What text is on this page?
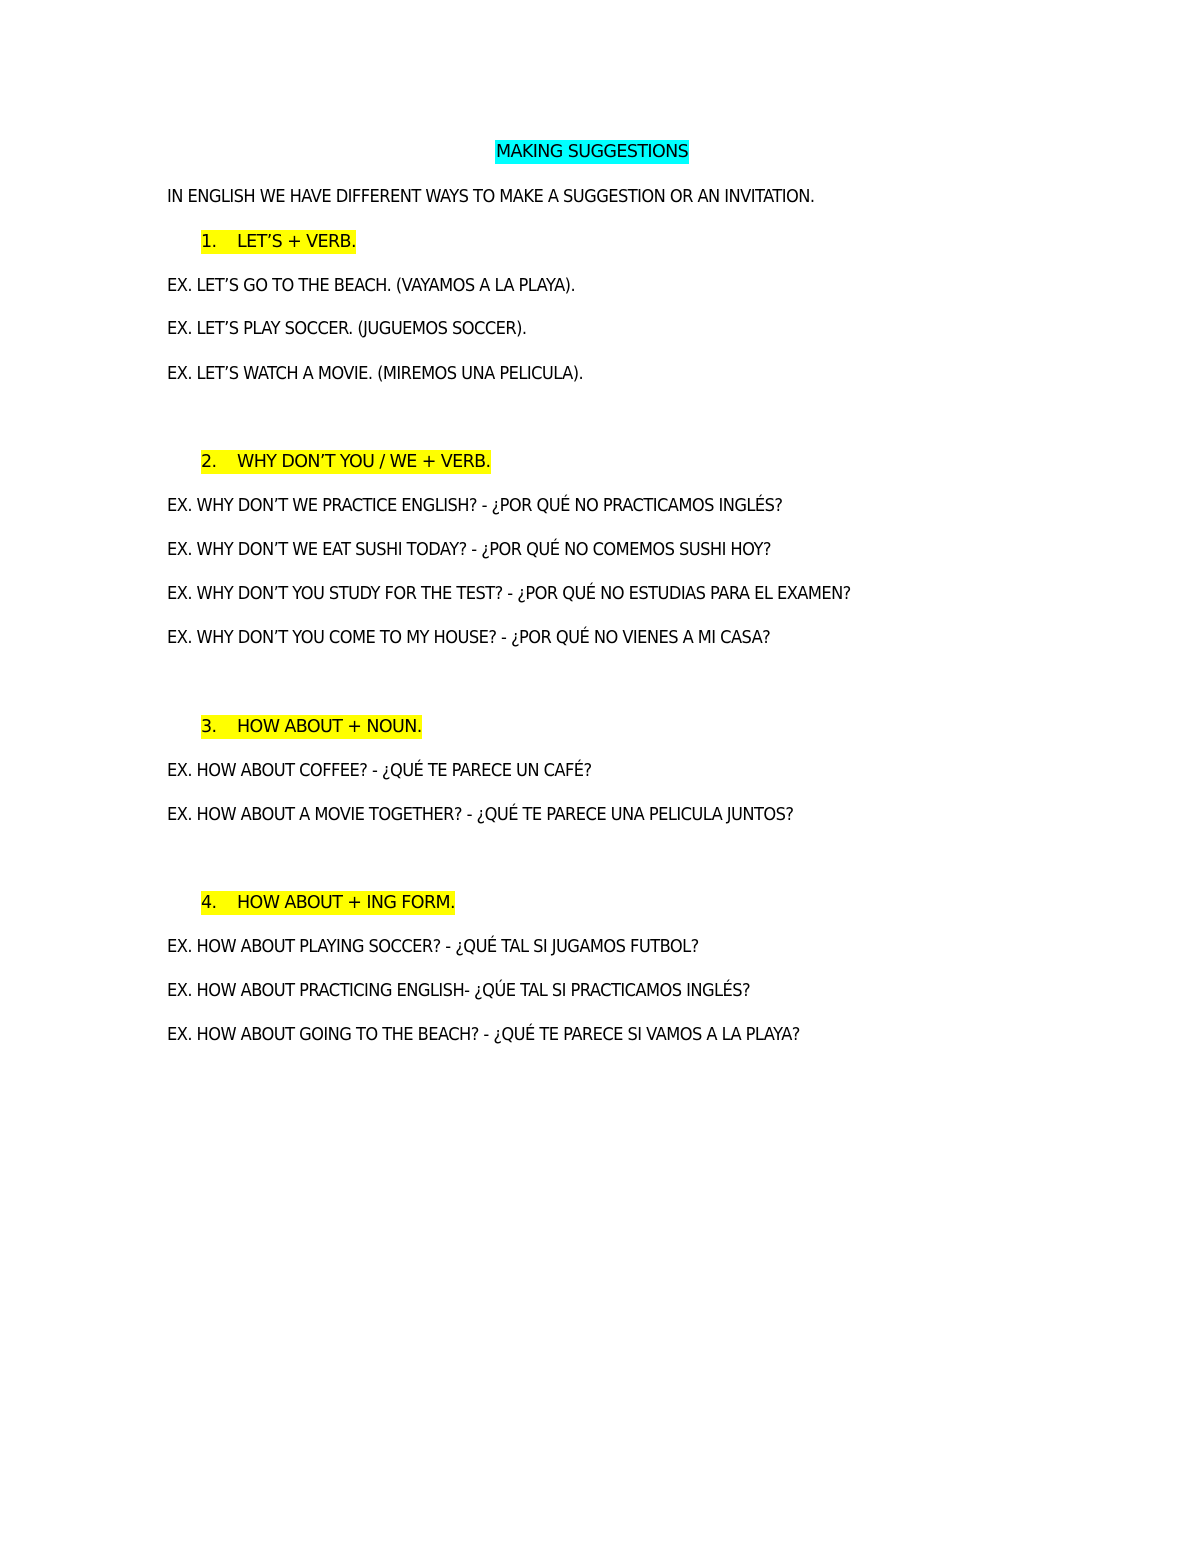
MAKING SUGGESTIONS
IN ENGLISH WE HAVE DIFFERENT WAYS TO MAKE A SUGGESTION OR AN INVITATION.
1. LET’S + VERB.
EX. LET’S GO TO THE BEACH. (VAYAMOS A LA PLAYA).
EX. LET’S PLAY SOCCER. (JUGUEMOS SOCCER).
EX. LET’S WATCH A MOVIE. (MIREMOS UNA PELICULA).
2. WHY DON’T YOU / WE + VERB.
EX. WHY DON’T WE PRACTICE ENGLISH? - ¿POR QUÉ NO PRACTICAMOS INGLÉS?
EX. WHY DON’T WE EAT SUSHI TODAY? - ¿POR QUÉ NO COMEMOS SUSHI HOY?
EX. WHY DON’T YOU STUDY FOR THE TEST? - ¿POR QUÉ NO ESTUDIAS PARA EL EXAMEN?
EX. WHY DON’T YOU COME TO MY HOUSE? - ¿POR QUÉ NO VIENES A MI CASA?
3. HOW ABOUT + NOUN.
EX. HOW ABOUT COFFEE? - ¿QUÉ TE PARECE UN CAFÉ?
EX. HOW ABOUT A MOVIE TOGETHER? - ¿QUÉ TE PARECE UNA PELICULA JUNTOS?
4. HOW ABOUT + ING FORM.
EX. HOW ABOUT PLAYING SOCCER? - ¿QUÉ TAL SI JUGAMOS FUTBOL?
EX. HOW ABOUT PRACTICING ENGLISH- ¿QÚE TAL SI PRACTICAMOS INGLÉS?
EX. HOW ABOUT GOING TO THE BEACH? - ¿QUÉ TE PARECE SI VAMOS A LA PLAYA?
